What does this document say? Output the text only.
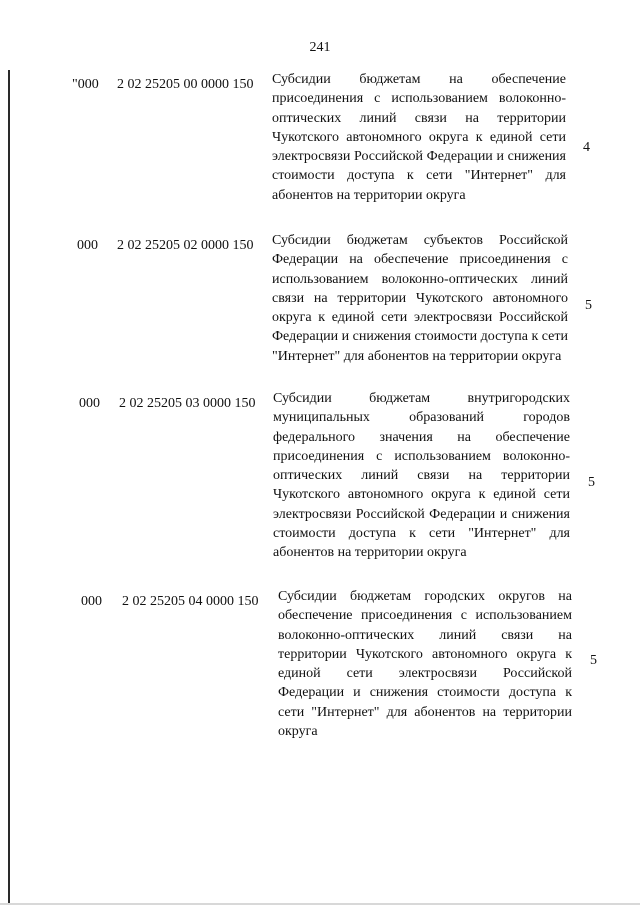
241
"000 2 02 25205 00 0000 150 Субсидии бюджетам на обеспечение присоединения с использованием волоконно-оптических линий связи на территории Чукотского автономного округа к единой сети электросвязи Российской Федерации и снижения стоимости доступа к сети "Интернет" для абонентов на территории округа
4
000 2 02 25205 02 0000 150 Субсидии бюджетам субъектов Российской Федерации на обеспечение присоединения с использованием волоконно-оптических линий связи на территории Чукотского автономного округа к единой сети электросвязи Российской Федерации и снижения стоимости доступа к сети "Интернет" для абонентов на территории округа
5
000 2 02 25205 03 0000 150 Субсидии бюджетам внутригородских муниципальных образований городов федерального значения на обеспечение присоединения с использованием волоконно-оптических линий связи на территории Чукотского автономного округа к единой сети электросвязи Российской Федерации и снижения стоимости доступа к сети "Интернет" для абонентов на территории округа
5
000 2 02 25205 04 0000 150 Субсидии бюджетам городских округов на обеспечение присоединения с использованием волоконно-оптических линий связи на территории Чукотского автономного округа к единой сети электросвязи Российской Федерации и снижения стоимости доступа к сети "Интернет" для абонентов на территории округа
5
